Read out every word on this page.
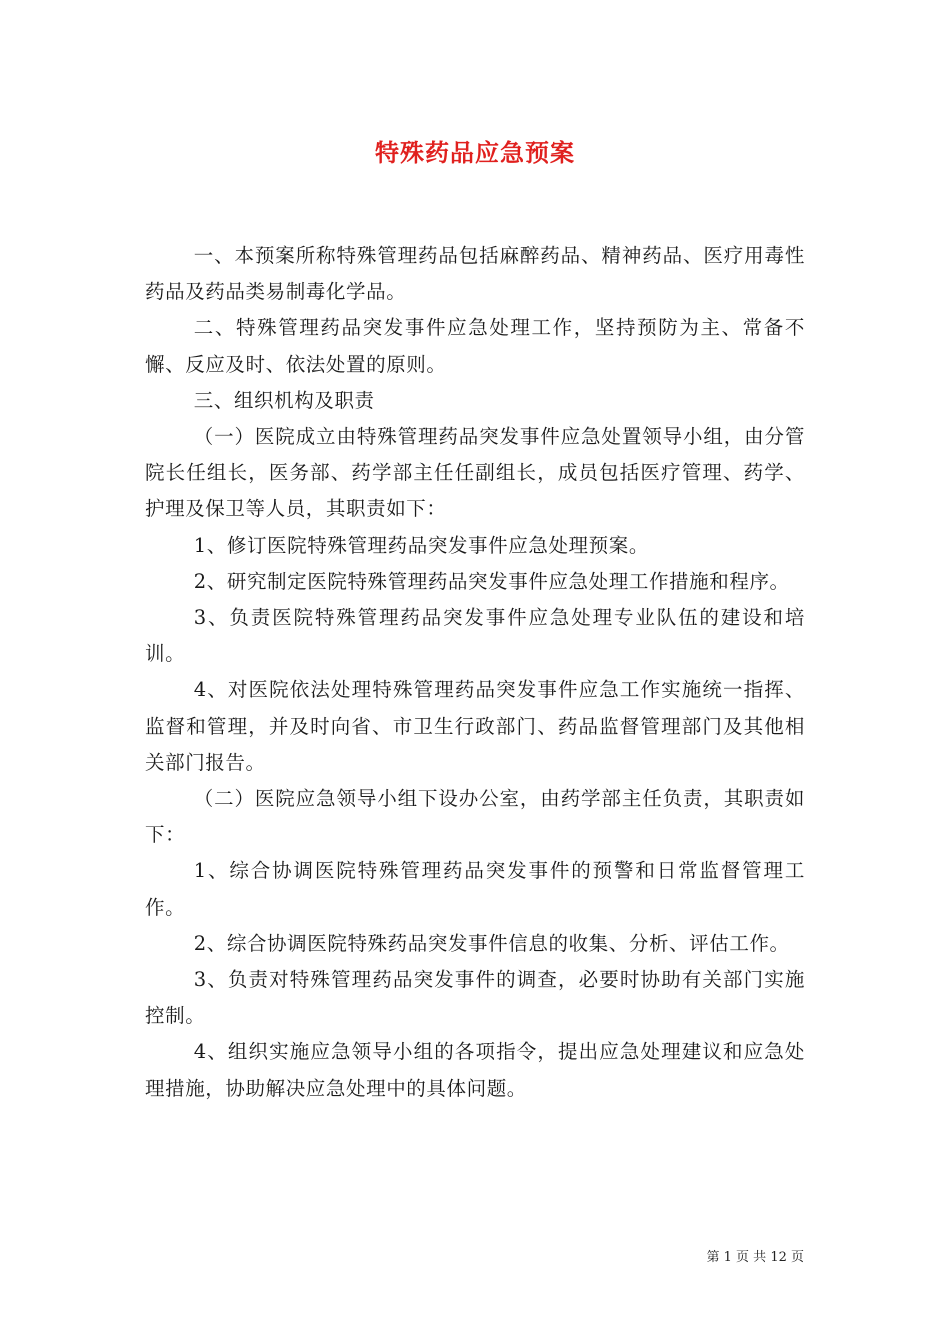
特殊药品应急预案

一、本预案所称特殊管理药品包括麻醉药品、精神药品、医疗用毒性药品及药品类易制毒化学品。

二、特殊管理药品突发事件应急处理工作，坚持预防为主、常备不懈、反应及时、依法处置的原则。

三、组织机构及职责

（一）医院成立由特殊管理药品突发事件应急处置领导小组，由分管院长任组长，医务部、药学部主任任副组长，成员包括医疗管理、药学、护理及保卫等人员，其职责如下：

1、修订医院特殊管理药品突发事件应急处理预案。

2、研究制定医院特殊管理药品突发事件应急处理工作措施和程序。

3、负责医院特殊管理药品突发事件应急处理专业队伍的建设和培训。

4、对医院依法处理特殊管理药品突发事件应急工作实施统一指挥、监督和管理，并及时向省、市卫生行政部门、药品监督管理部门及其他相关部门报告。

（二）医院应急领导小组下设办公室，由药学部主任负责，其职责如下：

1、综合协调医院特殊管理药品突发事件的预警和日常监督管理工作。

2、综合协调医院特殊药品突发事件信息的收集、分析、评估工作。

3、负责对特殊管理药品突发事件的调查，必要时协助有关部门实施控制。

4、组织实施应急领导小组的各项指令，提出应急处理建议和应急处理措施，协助解决应急处理中的具体问题。

第 1 页 共 12 页
